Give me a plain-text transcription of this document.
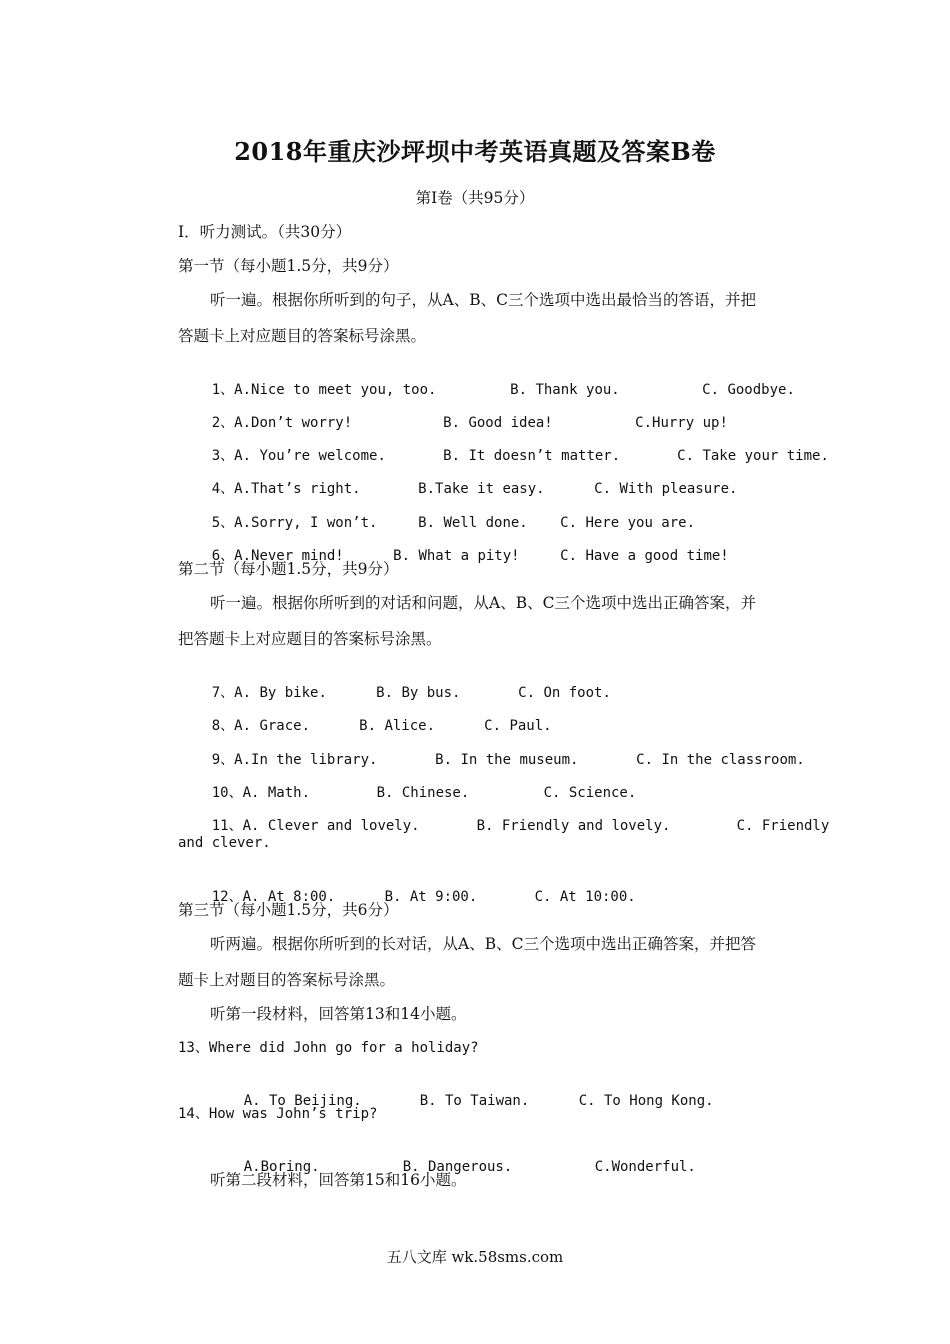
2018年重庆沙坪坝中考英语真题及答案B卷
第I卷（共95分）
I．听力测试。（共30分）
第一节（每小题1.5分，共9分）
听一遍。根据你所听到的句子，从A、B、C三个选项中选出最恰当的答语，并把
答题卡上对应题目的答案标号涂黑。

1、A.Nice to meet you, too.	B. Thank you.	C. Goodbye.

2、A.Don’t worry!	B. Good idea!	C.Hurry up!

3、A. You’re welcome.	B. It doesn’t matter.	C. Take your time.

4、A.That’s right.	B.Take it easy.	C. With pleasure.

5、A.Sorry, I won’t.	B. Well done. C. Here you are.

6、A.Never mind!	B. What a pity!	C. Have a good time!

第二节（每小题1.5分，共9分）
听一遍。根据你所听到的对话和问题，从A、B、C三个选项中选出正确答案，并
把答题卡上对应题目的答案标号涂黑。

7、A. By bike.	B. By bus.	C. On foot.

8、A. Grace.	B. Alice.	C. Paul.

9、A.In the library.	B. In the museum.	C. In the classroom.

10、A. Math.	B. Chinese.	C. Science.

11、A. Clever and lovely.	B. Friendly and lovely.	C. Friendly

and clever.

12、A. At 8:00.	B. At 9:00.	C. At 10:00.

第三节（每小题1.5分，共6分）
听两遍。根据你所听到的长对话，从A、B、C三个选项中选出正确答案，并把答
题卡上对题目的答案标号涂黑。
听第一段材料，回答第13和14小题。
13、Where did John go for a holiday?

A. To Beijing.	B. To Taiwan.	C. To Hong Kong.

14、How was John’s trip?

A.Boring.	B. Dangerous.	C.Wonderful.

听第二段材料，回答第15和16小题。
五八文库 wk.58sms.com
